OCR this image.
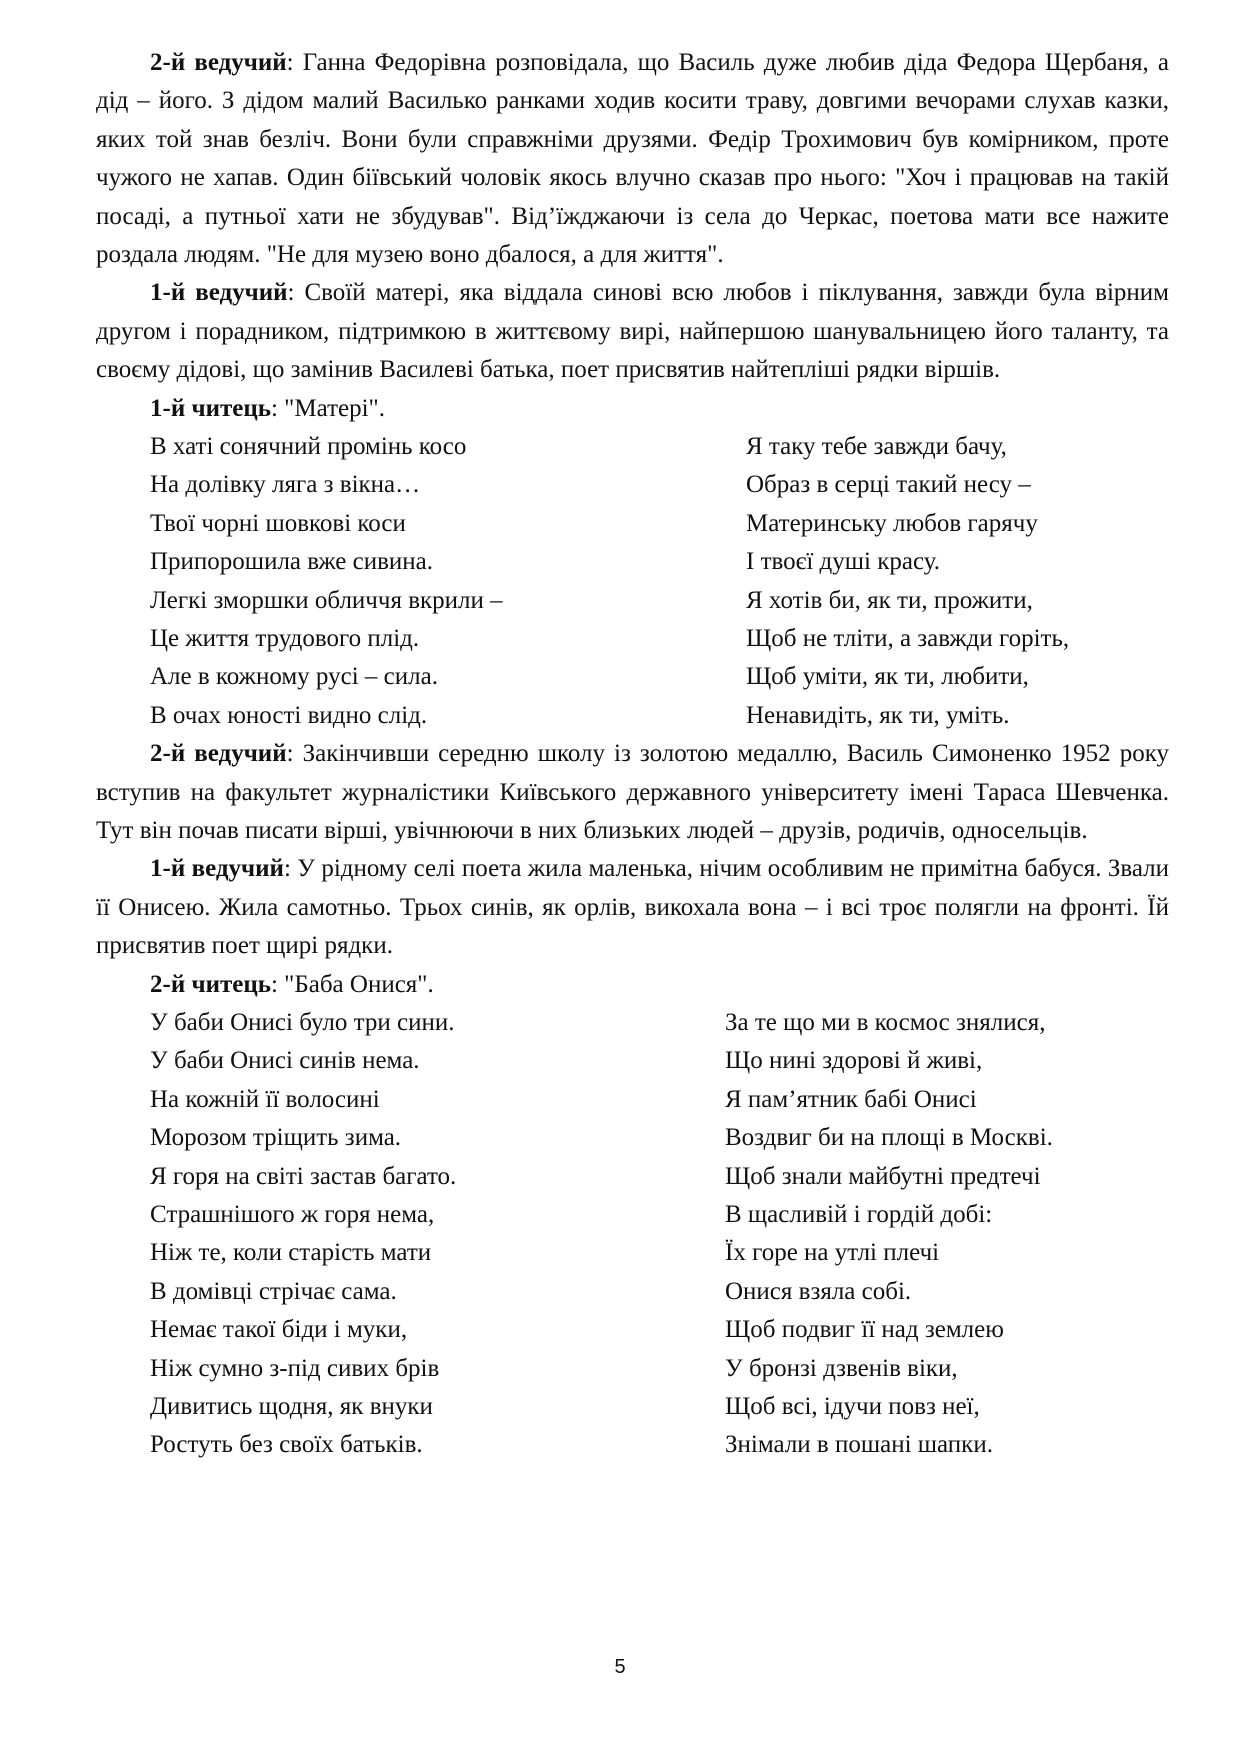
2-й ведучий: Ганна Федорівна розповідала, що Василь дуже любив діда Федора Щербаня, а дід – його. З дідом малий Василько ранками ходив косити траву, довгими вечорами слухав казки, яких той знав безліч. Вони були справжніми друзями. Федір Трохимович був комірником, проте чужого не хапав. Один біївський чоловік якось влучно сказав про нього: "Хоч і працював на такій посаді, а путньої хати не збудував". Від’їжджаючи із села до Черкас, поетова мати все нажите роздала людям. "Не для музею воно дбалося, а для життя".

1-й ведучий: Своїй матері, яка віддала синові всю любов і піклування, завжди була вірним другом і порадником, підтримкою в життєвому вирі, найпершою шанувальницею його таланту, та своєму дідові, що замінив Василеві батька, поет присвятив найтепліші рядки віршів.

1-й читець: "Матері".

В хаті сонячний промінь косо
На долівку ляга з вікна…
Твої чорні шовкові коси
Припорошила вже сивина.
Легкі зморшки обличчя вкрили –
Це життя трудового плід.
Але в кожному русі – сила.
В очах юності видно слід.
Я таку тебе завжди бачу,
Образ в серці такий несу –
Материнську любов гарячу
І твоєї душі красу.
Я хотів би, як ти, прожити,
Щоб не тліти, а завжди горіть,
Щоб уміти, як ти, любити,
Ненавидіть, як ти, уміть.

2-й ведучий: Закінчивши середню школу із золотою медаллю, Василь Симоненко 1952 року вступив на факультет журналістики Київського державного університету імені Тараса Шевченка. Тут він почав писати вірші, увічнюючи в них близьких людей – друзів, родичів, односельців.

1-й ведучий: У рідному селі поета жила маленька, нічим особливим не примітна бабуся. Звали її Онисею. Жила самотньо. Трьох синів, як орлів, викохала вона – і всі троє полягли на фронті. Їй присвятив поет щирі рядки.

2-й читець: "Баба Онися".

У баби Онисі було три сини.
У баби Онисі синів нема.
На кожній її волосині
Морозом тріщить зима.
Я горя на світі застав багато.
Страшнішого ж горя нема,
Ніж те, коли старість мати
В домівці стрічає сама.
Немає такої біди і муки,
Ніж сумно з-під сивих брів
Дивитись щодня, як внуки
Ростуть без своїх батьків.
За те що ми в космос знялися,
Що нині здорові й живі,
Я пам’ятник бабі Онисі
Воздвиг би на площі в Москві.
Щоб знали майбутні предтечі
В щасливій і гордій добі:
Їх горе на утлі плечі
Онися взяла собі.
Щоб подвиг її над землею
У бронзі дзвенів віки,
Щоб всі, ідучи повз неї,
Знімали в пошані шапки.
5
